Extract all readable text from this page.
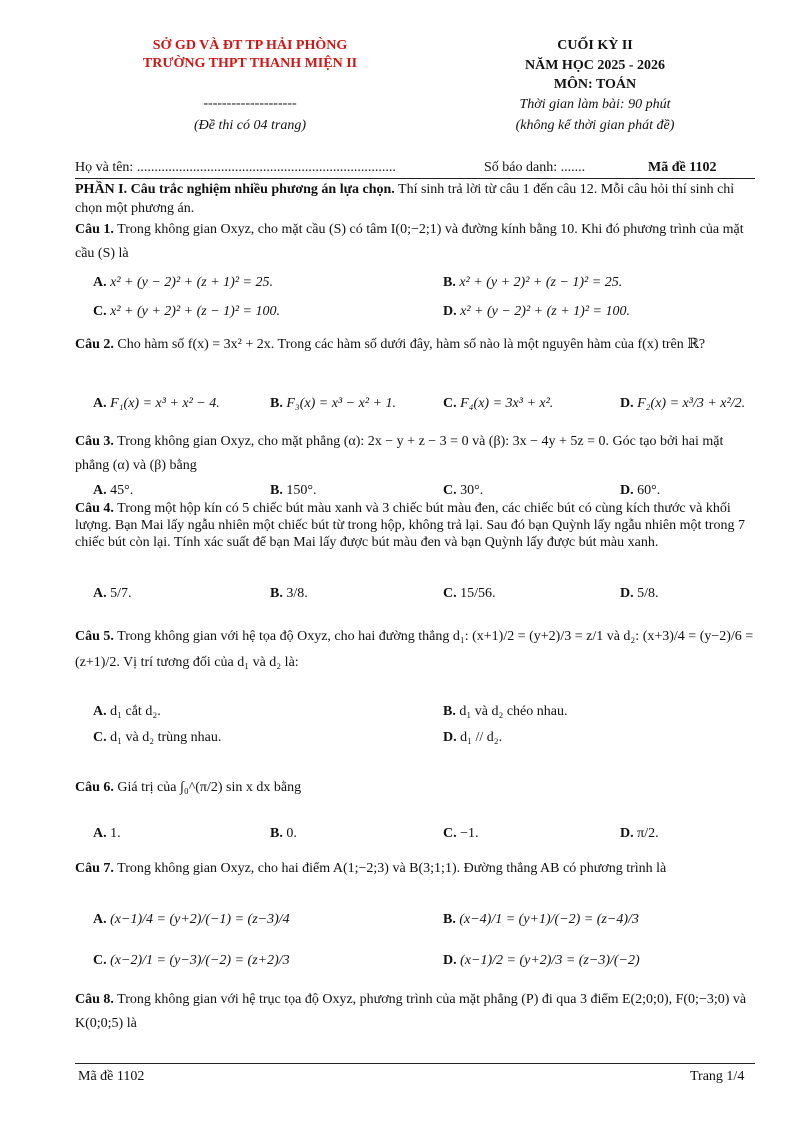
SỞ GD VÀ ĐT TP HẢI PHÒNG
TRƯỜNG THPT THANH MIỆN II
--------------------
(Đề thi có 04 trang)
CUỐI KỲ II
NĂM HỌC 2025 - 2026
MÔN: TOÁN
Thời gian làm bài: 90 phút
(không kể thời gian phát đề)
Họ và tên: ..........................................................................	Số báo danh: .......	Mã đề 1102
PHẦN I. Câu trắc nghiệm nhiều phương án lựa chọn. Thí sinh trả lời từ câu 1 đến câu 12. Mỗi câu hỏi thí sinh chỉ chọn một phương án.
Câu 1. Trong không gian Oxyz, cho mặt cầu (S) có tâm I(0;−2;1) và đường kính bằng 10. Khi đó phương trình của mặt cầu (S) là
A. x² + (y − 2)² + (z + 1)² = 25.	B. x² + (y + 2)² + (z − 1)² = 25.
C. x² + (y + 2)² + (z − 1)² = 100.	D. x² + (y − 2)² + (z + 1)² = 100.
Câu 2. Cho hàm số f(x) = 3x² + 2x. Trong các hàm số dưới đây, hàm số nào là một nguyên hàm của f(x) trên ℝ?
A. F₁(x) = x³ + x² − 4.	B. F₃(x) = x³ − x² + 1.	C. F₄(x) = 3x³ + x².	D. F₂(x) = x³/3 + x²/2.
Câu 3. Trong không gian Oxyz, cho mặt phẳng (α): 2x − y + z − 3 = 0 và (β): 3x − 4y + 5z = 0. Góc tạo bởi hai mặt phẳng (α) và (β) bằng
A. 45°.	B. 150°.	C. 30°.	D. 60°.
Câu 4. Trong một hộp kín có 5 chiếc bút màu xanh và 3 chiếc bút màu đen, các chiếc bút có cùng kích thước và khối lượng. Bạn Mai lấy ngẫu nhiên một chiếc bút từ trong hộp, không trả lại. Sau đó bạn Quỳnh lấy ngẫu nhiên một trong 7 chiếc bút còn lại. Tính xác suất để bạn Mai lấy được bút màu đen và bạn Quỳnh lấy được bút màu xanh.
A. 5/7.	B. 3/8.	C. 15/56.	D. 5/8.
Câu 5. Trong không gian với hệ tọa độ Oxyz, cho hai đường thẳng d₁: (x+1)/2 = (y+2)/3 = z/1 và d₂: (x+3)/4 = (y−2)/6 = (z+1)/2. Vị trí tương đối của d₁ và d₂ là:
A. d₁ cắt d₂.	B. d₁ và d₂ chéo nhau.
C. d₁ và d₂ trùng nhau.	D. d₁ // d₂.
Câu 6. Giá trị của ∫₀^(π/2) sin x dx bằng
A. 1.	B. 0.	C. −1.	D. π/2.
Câu 7. Trong không gian Oxyz, cho hai điểm A(1;−2;3) và B(3;1;1). Đường thẳng AB có phương trình là
A. (x−1)/4 = (y+2)/(−1) = (z−3)/4	B. (x−4)/1 = (y+1)/(−2) = (z−4)/3
C. (x−2)/1 = (y−3)/(−2) = (z+2)/3	D. (x−1)/2 = (y+2)/3 = (z−3)/(−2)
Câu 8. Trong không gian với hệ trục tọa độ Oxyz, phương trình của mặt phẳng (P) đi qua 3 điểm E(2;0;0), F(0;−3;0) và K(0;0;5) là
Mã đề 1102	Trang 1/4
